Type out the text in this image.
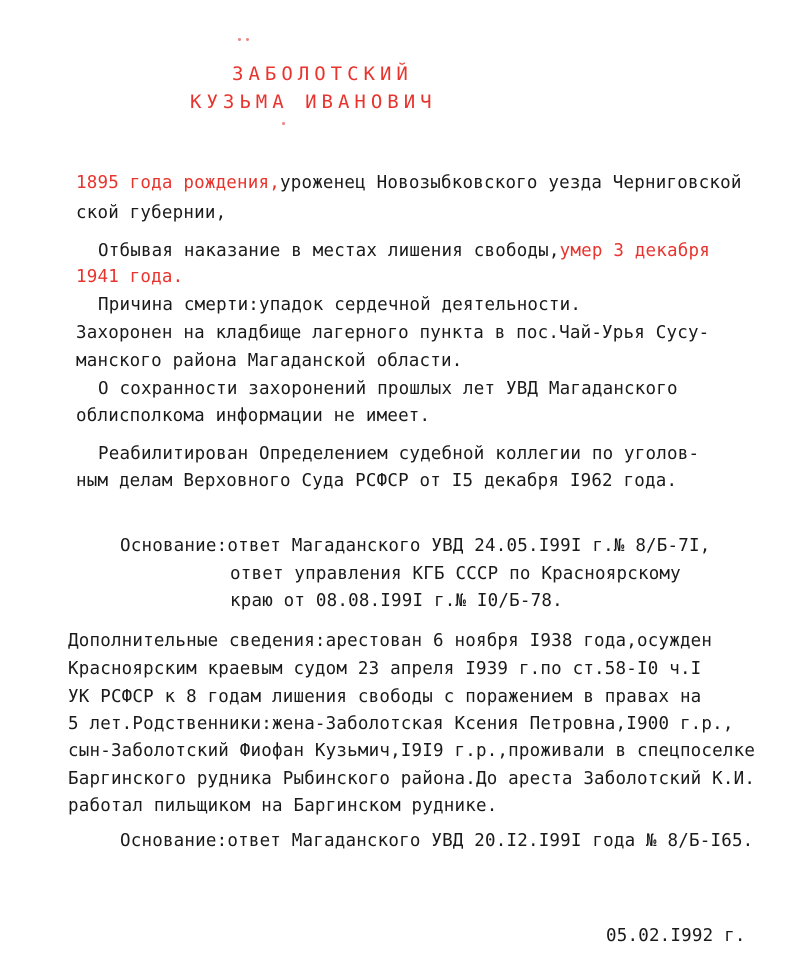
ЗАБОЛОТСКИЙ
КУЗЬМА ИВАНОВИЧ
1895 года рождения,уроженец Новозыбковского уезда Черниговской
ской губернии,
Отбывая наказание в местах лишения свободы,умер 3 декабря
1941 года.
Причина смерти:упадок сердечной деятельности.
Захоронен на кладбище лагерного пункта в пос.Чай-Урья Сусу-
манского района Магаданской области.
О сохранности захоронений прошлых лет УВД Магаданского
облисполкома информации не имеет.
Реабилитирован Определением судебной коллегии по уголов-
ным делам Верховного Суда РСФСР от I5 декабря I962 года.
Основание:ответ Магаданского УВД 24.05.I99I г.№ 8/Б-7I,
ответ управления КГБ СССР по Красноярскому
краю от 08.08.I99I г.№ I0/Б-78.
Дополнительные сведения:арестован 6 ноября I938 года,осужден
Красноярским краевым судом 23 апреля I939 г.по ст.58-I0 ч.I
УК РСФСР к 8 годам лишения свободы с поражением в правах на
5 лет.Родственники:жена-Заболотская Ксения Петровна,I900 г.р.,
сын-Заболотский Фиофан Кузьмич,I9I9 г.р.,проживали в спецпоселке
Баргинского рудника Рыбинского района.До ареста Заболотский К.И.
работал пильщиком на Баргинском руднике.
Основание:ответ Магаданского УВД 20.I2.I99I года № 8/Б-I65.
05.02.I992 г.
